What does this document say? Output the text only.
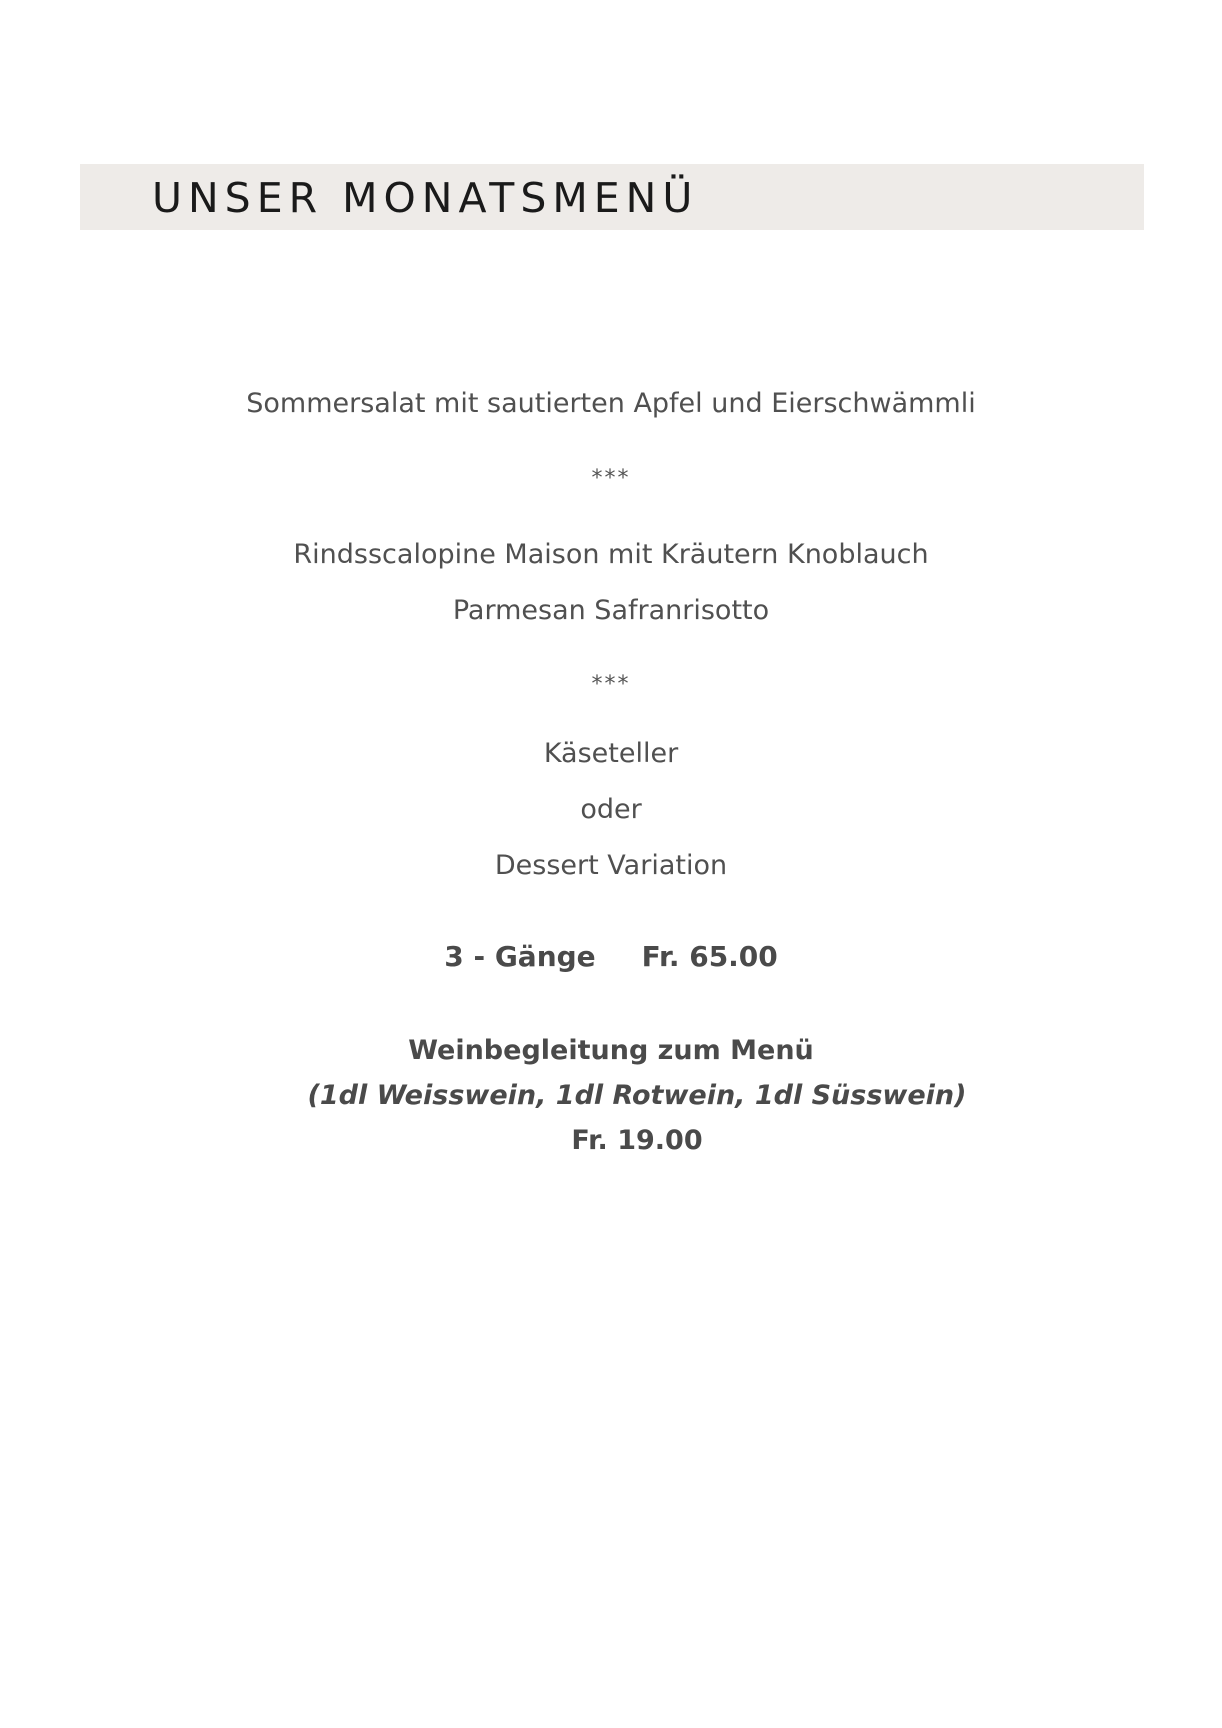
UNSER MONATSMENÜ
Sommersalat mit sautierten Apfel und Eierschwämmli
***
Rindsscalopine Maison mit Kräutern Knoblauch
Parmesan Safranrisotto
***
Käseteller
oder
Dessert Variation
3 - Gänge Fr. 65.00
Weinbegleitung zum Menü
(1dl Weisswein, 1dl Rotwein, 1dl Süsswein)
Fr. 19.00
